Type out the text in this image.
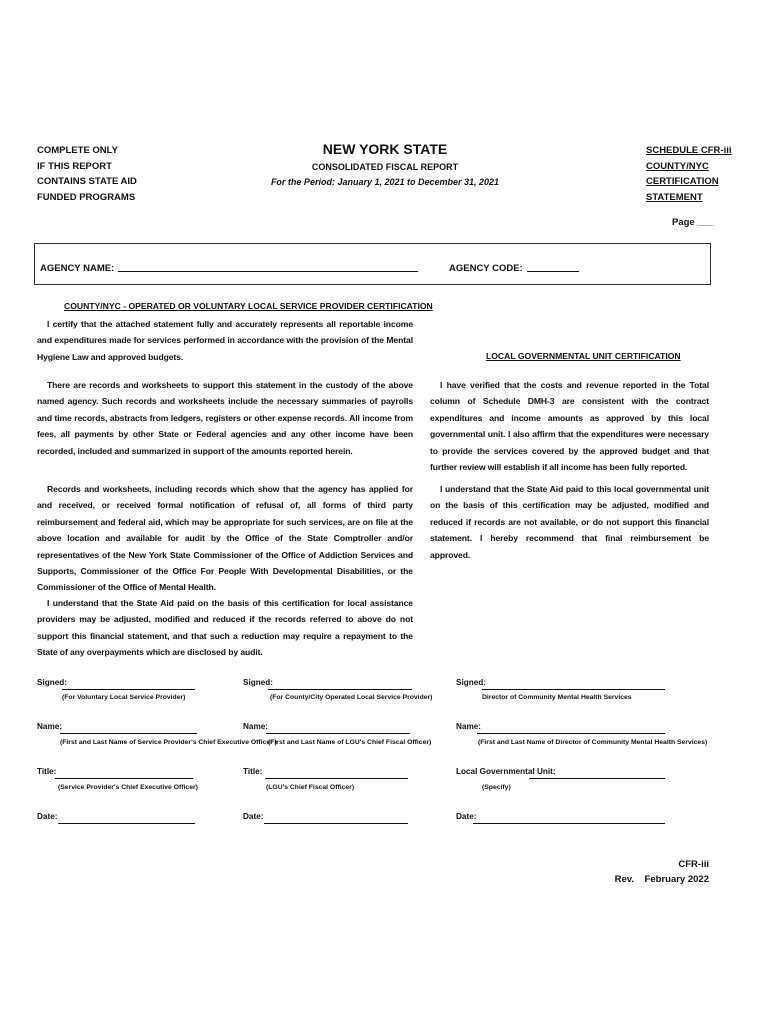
COMPLETE ONLY
IF THIS REPORT
CONTAINS STATE AID
FUNDED PROGRAMS
NEW YORK STATE
CONSOLIDATED FISCAL REPORT
For the Period: January 1, 2021 to December 31, 2021
SCHEDULE CFR-iii
COUNTY/NYC
CERTIFICATION
STATEMENT
Page ___
AGENCY NAME:	AGENCY CODE:
COUNTY/NYC - OPERATED OR VOLUNTARY LOCAL SERVICE PROVIDER CERTIFICATION
I certify that the attached statement fully and accurately represents all reportable income and expenditures made for services performed in accordance with the provision of the Mental Hygiene Law and approved budgets.
There are records and worksheets to support this statement in the custody of the above named agency. Such records and worksheets include the necessary summaries of payrolls and time records, abstracts from ledgers, registers or other expense records. All income from fees, all payments by other State or Federal agencies and any other income have been recorded, included and summarized in support of the amounts reported herein.
Records and worksheets, including records which show that the agency has applied for and received, or received formal notification of refusal of, all forms of third party reimbursement and federal aid, which may be appropriate for such services, are on file at the above location and available for audit by the Office of the State Comptroller and/or representatives of the New York State Commissioner of the Office of Addiction Services and Supports, Commissioner of the Office For People With Developmental Disabilities, or the Commissioner of the Office of Mental Health.
I understand that the State Aid paid on the basis of this certification for local assistance providers may be adjusted, modified and reduced if the records referred to above do not support this financial statement, and that such a reduction may require a repayment to the State of any overpayments which are disclosed by audit.
LOCAL GOVERNMENTAL UNIT CERTIFICATION
I have verified that the costs and revenue reported in the Total column of Schedule DMH-3 are consistent with the contract expenditures and income amounts as approved by this local governmental unit. I also affirm that the expenditures were necessary to provide the services covered by the approved budget and that further review will establish if all income has been fully reported.
I understand that the State Aid paid to this local governmental unit on the basis of this certification may be adjusted, modified and reduced if records are not available, or do not support this financial statement. I hereby recommend that final reimbursement be approved.
Signed:
(For Voluntary Local Service Provider)
Name:
(First and Last Name of Service Provider's Chief Executive Officer )
Title:
(Service Provider's Chief Executive Officer)
Date:
Signed:
(For County/City Operated Local Service Provider)
Name:
(First and Last Name of LGU's Chief Fiscal Officer)
Title:
(LGU's Chief Fiscal Officer)
Date:
Signed:
Director of Community Mental Health Services
Name:
(First and Last Name of Director of Community Mental Health Services)
Local Governmental Unit:
(Specify)
Date:
CFR-iii
Rev.    February 2022
